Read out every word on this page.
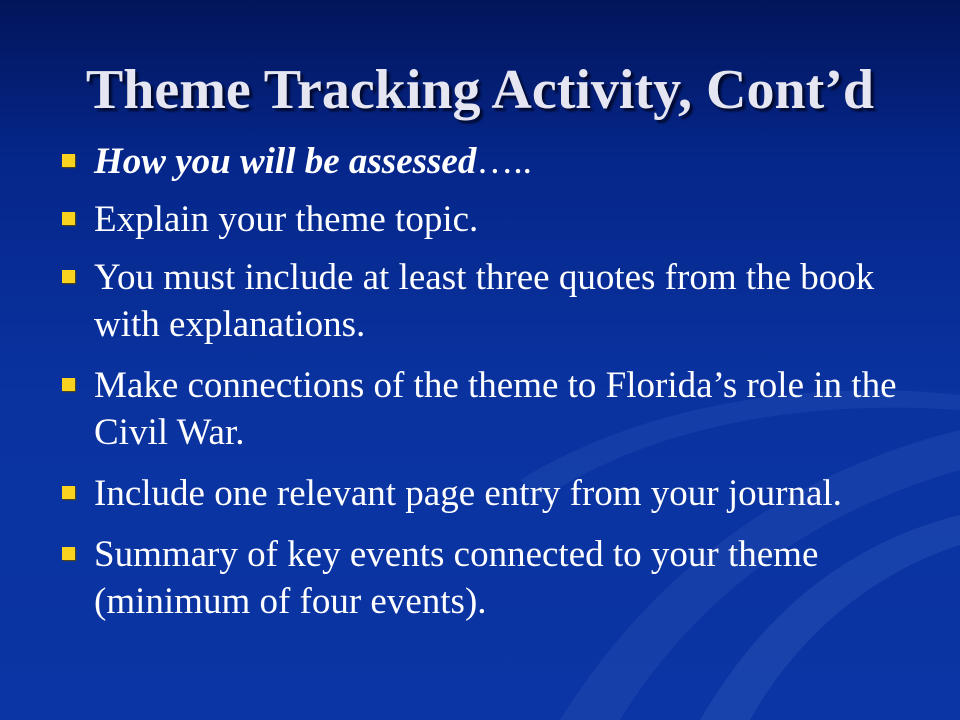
Theme Tracking Activity, Cont’d
How you will be assessed…..
Explain your theme topic.
You must include at least three quotes from the book with explanations.
Make connections of the theme to Florida’s role in the Civil War.
Include one relevant page entry from your journal.
Summary of key events connected to your theme (minimum of four events).
